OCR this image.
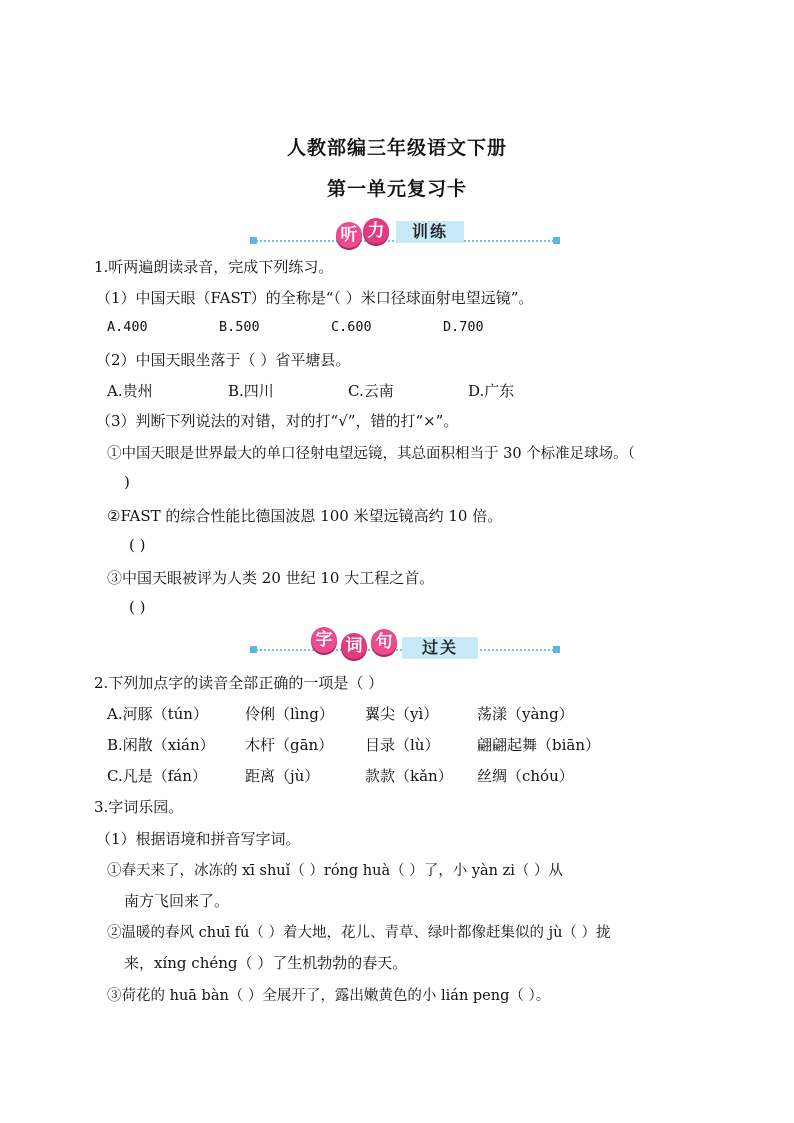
人教部编三年级语文下册
第一单元复习卡
听 力	训练
1.听两遍朗读录音，完成下列练习。
（1）中国天眼（FAST）的全称是“（ ）米口径球面射电望远镜”。
A.400	B.500	C.600	D.700
（2）中国天眼坐落于（ ）省平塘县。
A.贵州	B.四川	C.云南	D.广东
（3）判断下列说法的对错，对的打“√”，错的打“×”。
①中国天眼是世界最大的单口径射电望远镜，其总面积相当于 30 个标准足球场。（
)
②FAST 的综合性能比德国波恩 100 米望远镜高约 10 倍。
( )
③中国天眼被评为人类 20 世纪 10 大工程之首。
( )
字 词 句	过关
2.下列加点字的读音全部正确的一项是（ ）
A.河豚（tún） 伶俐（lìng） 翼尖（yì）	荡漾（yàng）
B.闲散（xián） 木杆（gān） 目录（lù）	翩翩起舞（biān）
C.凡是（fán）	距离（jù）	款款（kǎn） 丝绸（chóu）
3.字词乐园。
（1）根据语境和拼音写字词。
①春天来了，冰冻的 xī shuǐ（ ）róng huà（ ）了，小 yàn zi（ ）从
南方飞回来了。
②温暖的春风 chuī fú（ ）着大地，花儿、青草、绿叶都像赶集似的 jù（ ）拢
来，xíng chéng（ ）了生机勃勃的春天。
③荷花的 huā bàn（ ）全展开了，露出嫩黄色的小 lián peng（ ）。
